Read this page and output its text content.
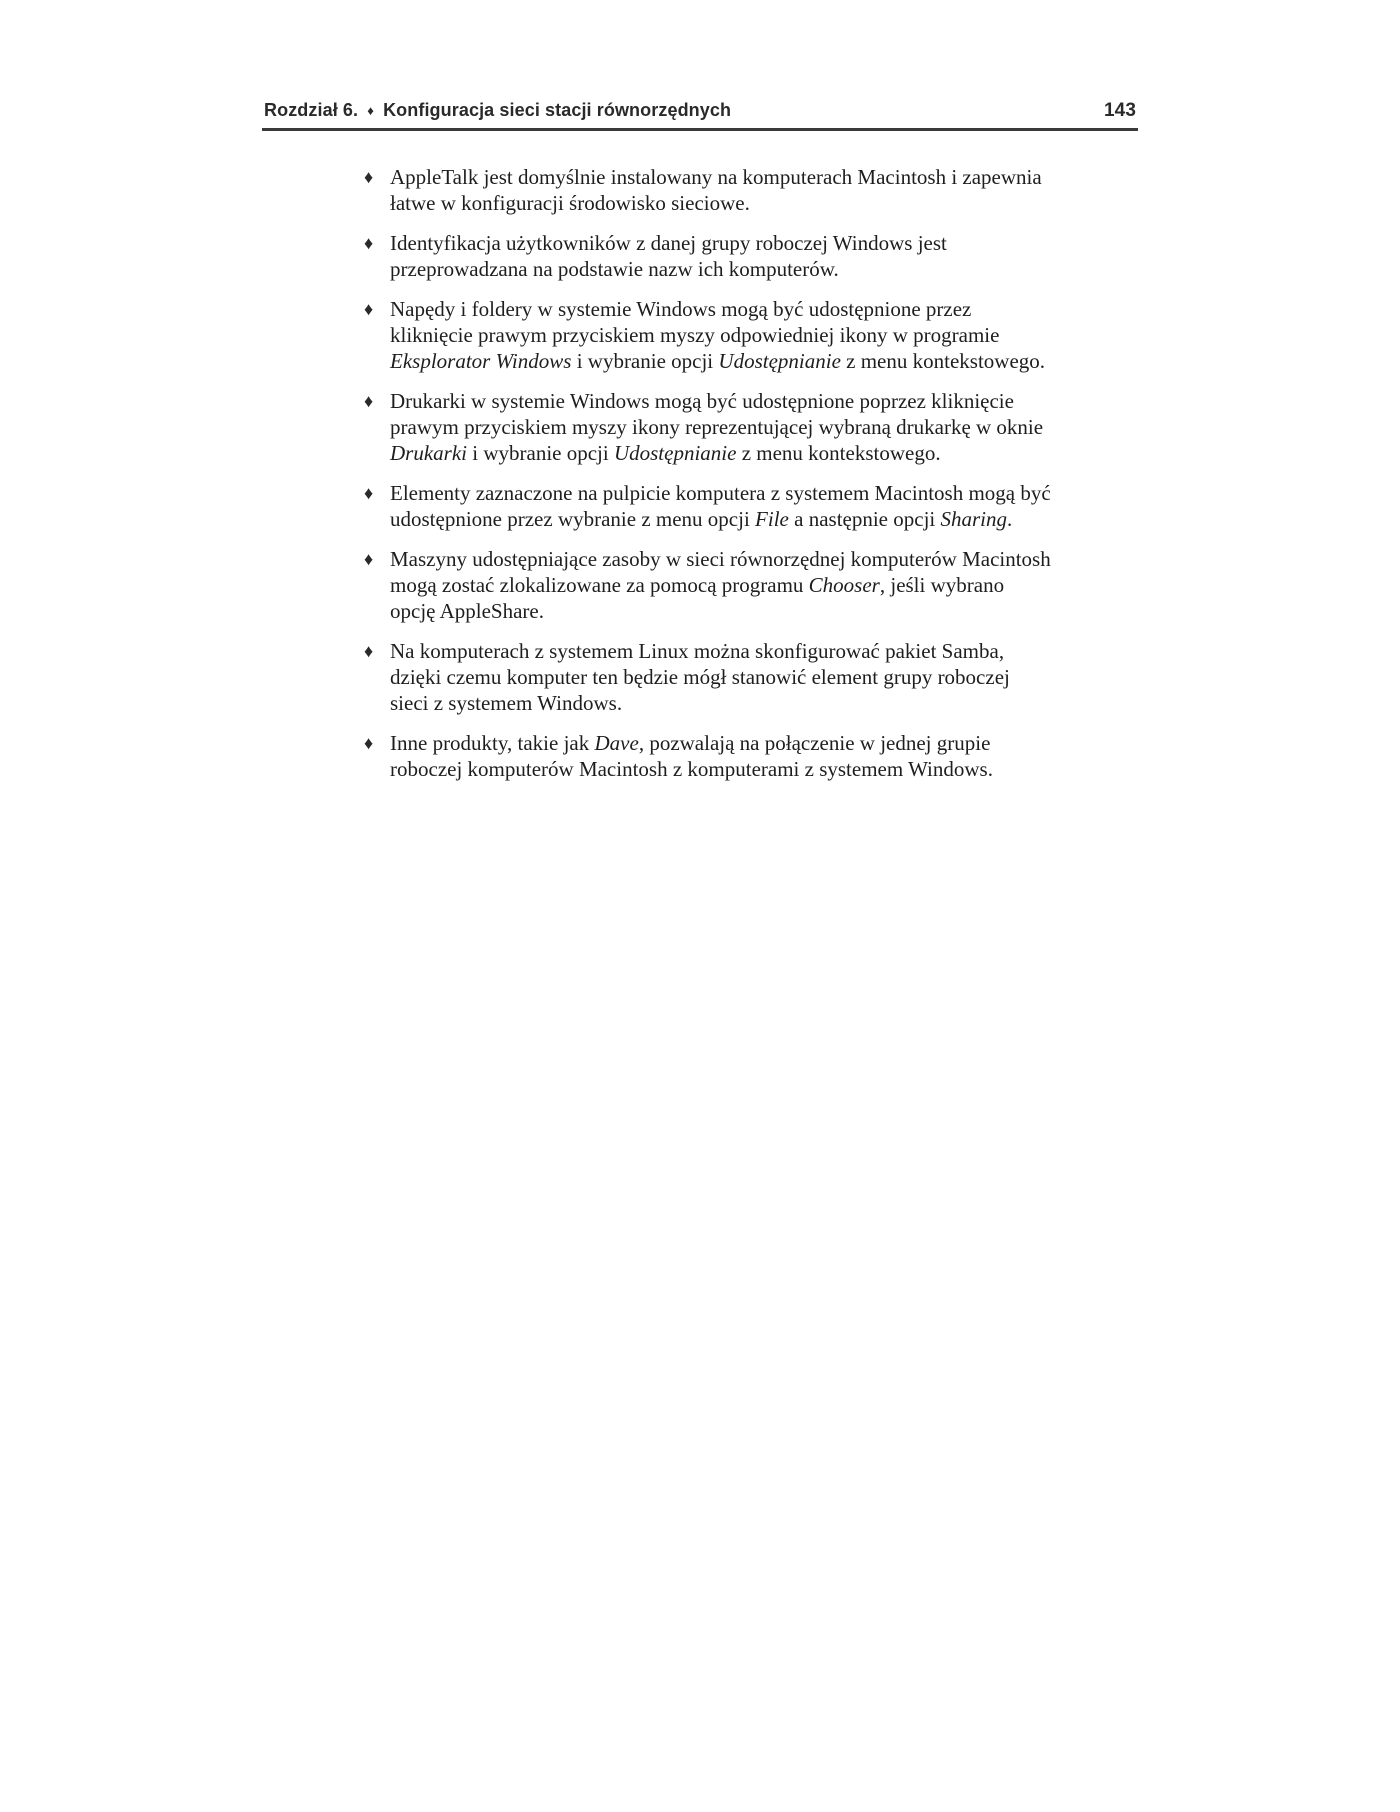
Rozdział 6. ♦ Konfiguracja sieci stacji równorzędnych	143
♦ AppleTalk jest domyślnie instalowany na komputerach Macintosh i zapewnia
łatwe w konfiguracji środowisko sieciowe.
♦ Identyfikacja użytkowników z danej grupy roboczej Windows jest
przeprowadzana na podstawie nazw ich komputerów.
♦ Napędy i foldery w systemie Windows mogą być udostępnione przez
kliknięcie prawym przyciskiem myszy odpowiedniej ikony w programie
Eksplorator Windows i wybranie opcji Udostępnianie z menu kontekstowego.
♦ Drukarki w systemie Windows mogą być udostępnione poprzez kliknięcie
prawym przyciskiem myszy ikony reprezentującej wybraną drukarkę w oknie
Drukarki i wybranie opcji Udostępnianie z menu kontekstowego.
♦ Elementy zaznaczone na pulpicie komputera z systemem Macintosh mogą być
udostępnione przez wybranie z menu opcji File a następnie opcji Sharing.
♦ Maszyny udostępniające zasoby w sieci równorzędnej komputerów Macintosh
mogą zostać zlokalizowane za pomocą programu Chooser, jeśli wybrano
opcję AppleShare.
♦ Na komputerach z systemem Linux można skonfigurować pakiet Samba,
dzięki czemu komputer ten będzie mógł stanowić element grupy roboczej
sieci z systemem Windows.
♦ Inne produkty, takie jak Dave, pozwalają na połączenie w jednej grupie
roboczej komputerów Macintosh z komputerami z systemem Windows.
